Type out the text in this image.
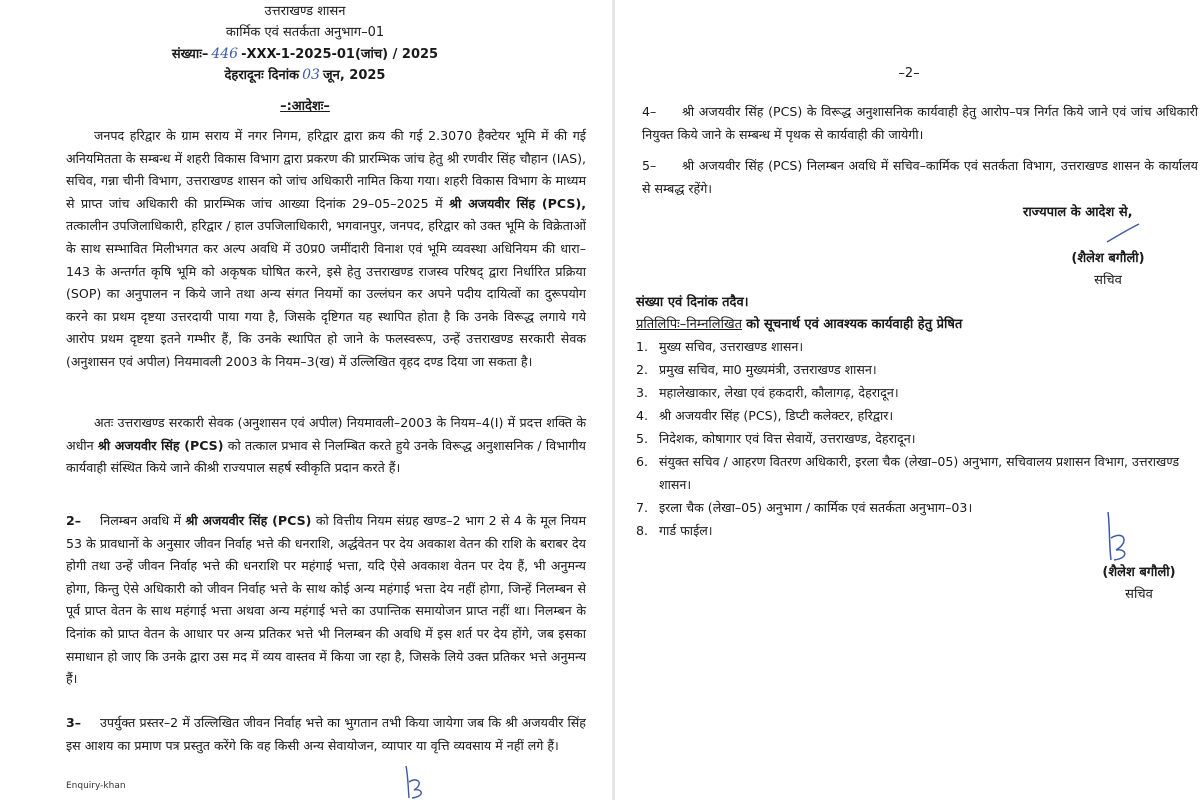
उत्तराखण्ड शासन
कार्मिक एवं सतर्कता अनुभाग–01
संख्याः– 446 -XXX-1-2025-01(जांच) / 2025
देहरादूनः दिनांक 03 जून, 2025
–:आदेशः–

जनपद हरिद्वार के ग्राम सराय में नगर निगम, हरिद्वार द्वारा क्रय की गई 2.3070 हैक्टेयर भूमि में की गई अनियमितता के सम्बन्ध में शहरी विकास विभाग द्वारा प्रकरण की प्रारम्भिक जांच हेतु श्री रणवीर सिंह चौहान (IAS), सचिव, गन्ना चीनी विभाग, उत्तराखण्ड शासन को जांच अधिकारी नामित किया गया। शहरी विकास विभाग के माध्यम से प्राप्त जांच अधिकारी की प्रारम्भिक जांच आख्या दिनांक 29–05–2025 में श्री अजयवीर सिंह (PCS), तत्कालीन उपजिलाधिकारी, हरिद्वार / हाल उपजिलाधिकारी, भगवानपुर, जनपद, हरिद्वार को उक्त भूमि के विक्रेताओं के साथ सम्भावित मिलीभगत कर अल्प अवधि में उ0प्र0 जमींदारी विनाश एवं भूमि व्यवस्था अधिनियम की धारा–143 के अन्तर्गत कृषि भूमि को अकृषक घोषित करने, इसे हेतु उत्तराखण्ड राजस्व परिषद् द्वारा निर्धारित प्रक्रिया (SOP) का अनुपालन न किये जाने तथा अन्य संगत नियमों का उल्लंघन कर अपने पदीय दायित्वों का दुरूपयोग करने का प्रथम दृष्टया उत्तरदायी पाया गया है, जिसके दृष्टिगत यह स्थापित होता है कि उनके विरूद्ध लगाये गये आरोप प्रथम दृष्टया इतने गम्भीर हैं, कि उनके स्थापित हो जाने के फलस्वरूप, उन्हें उत्तराखण्ड सरकारी सेवक (अनुशासन एवं अपील) नियमावली 2003 के नियम–3(ख) में उल्लिखित वृहद दण्ड दिया जा सकता है।

अतः उत्तराखण्ड सरकारी सेवक (अनुशासन एवं अपील) नियमावली–2003 के नियम–4(I) में प्रदत्त शक्ति के अधीन श्री अजयवीर सिंह (PCS) को तत्काल प्रभाव से निलम्बित करते हुये उनके विरूद्ध अनुशासनिक / विभागीय कार्यवाही संस्थित किये जाने कीश्री राज्यपाल सहर्ष स्वीकृति प्रदान करते हैं।

2– निलम्बन अवधि में श्री अजयवीर सिंह (PCS) को वित्तीय नियम संग्रह खण्ड–2 भाग 2 से 4 के मूल नियम 53 के प्रावधानों के अनुसार जीवन निर्वाह भत्ते की धनराशि, अर्द्धवेतन पर देय अवकाश वेतन की राशि के बराबर देय होगी तथा उन्हें जीवन निर्वाह भत्ते की धनराशि पर महंगाई भत्ता, यदि ऐसे अवकाश वेतन पर देय हैं, भी अनुमन्य होगा, किन्तु ऐसे अधिकारी को जीवन निर्वाह भत्ते के साथ कोई अन्य महंगाई भत्ता देय नहीं होगा, जिन्हें निलम्बन से पूर्व प्राप्त वेतन के साथ महंगाई भत्ता अथवा अन्य महंगाई भत्ते का उपान्तिक समायोजन प्राप्त नहीं था। निलम्बन के दिनांक को प्राप्त वेतन के आधार पर अन्य प्रतिकर भत्ते भी निलम्बन की अवधि में इस शर्त पर देय होंगे, जब इसका समाधान हो जाए कि उनके द्वारा उस मद में व्यय वास्तव में किया जा रहा है, जिसके लिये उक्त प्रतिकर भत्ते अनुमन्य हैं।

3– उपर्युक्त प्रस्तर–2 में उल्लिखित जीवन निर्वाह भत्ते का भुगतान तभी किया जायेगा जब कि श्री अजयवीर सिंह इस आशय का प्रमाण पत्र प्रस्तुत करेंगे कि वह किसी अन्य सेवायोजन, व्यापार या वृत्ति व्यवसाय में नहीं लगे हैं।

Enquiry-khan
–2–

4– श्री अजयवीर सिंह (PCS) के विरूद्ध अनुशासनिक कार्यवाही हेतु आरोप–पत्र निर्गत किये जाने एवं जांच अधिकारी नियुक्त किये जाने के सम्बन्ध में पृथक से कार्यवाही की जायेगी।

5– श्री अजयवीर सिंह (PCS) निलम्बन अवधि में सचिव–कार्मिक एवं सतर्कता विभाग, उत्तराखण्ड शासन के कार्यालय से सम्बद्ध रहेंगे।

राज्यपाल के आदेश से,
(शैलेश बगौली)
सचिव
संख्या एवं दिनांक तदैव।
प्रतिलिपिः–निम्नलिखित को सूचनार्थ एवं आवश्यक कार्यवाही हेतु प्रेषित
1. मुख्य सचिव, उत्तराखण्ड शासन।
2. प्रमुख सचिव, मा0 मुख्यमंत्री, उत्तराखण्ड शासन।
3. महालेखाकार, लेखा एवं हकदारी, कौलागढ़, देहरादून।
4. श्री अजयवीर सिंह (PCS), डिप्टी कलेक्टर, हरिद्वार।
5. निदेशक, कोषागार एवं वित्त सेवायें, उत्तराखण्ड, देहरादून।
6. संयुक्त सचिव / आहरण वितरण अधिकारी, इरला चैक (लेखा–05) अनुभाग, सचिवालय प्रशासन विभाग, उत्तराखण्ड शासन।
7. इरला चैक (लेखा–05) अनुभाग / कार्मिक एवं सतर्कता अनुभाग–03।
8. गार्ड फाईल।
(शैलेश बगौली)
सचिव
